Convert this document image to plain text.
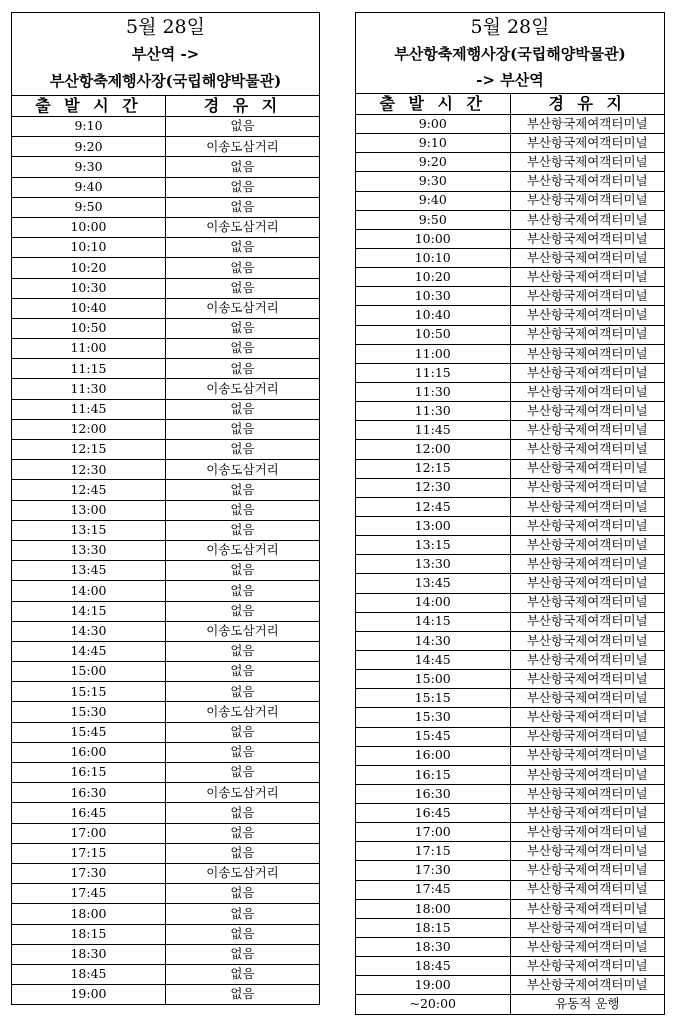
5월 28일	
부산역 ->	
부산항축제행사장(국립해양박물관)	
출 발 시 간	경 유 지
9:10	없음
9:20	이송도삼거리
9:30	없음
9:40	없음
9:50	없음
10:00	이송도삼거리
10:10	없음
10:20	없음
10:30	없음
10:40	이송도삼거리
10:50	없음
11:00	없음
11:15	없음
11:30	이송도삼거리
11:45	없음
12:00	없음
12:15	없음
12:30	이송도삼거리
12:45	없음
13:00	없음
13:15	없음
13:30	이송도삼거리
13:45	없음
14:00	없음
14:15	없음
14:30	이송도삼거리
14:45	없음
15:00	없음
15:15	없음
15:30	이송도삼거리
15:45	없음
16:00	없음
16:15	없음
16:30	이송도삼거리
16:45	없음
17:00	없음
17:15	없음
17:30	이송도삼거리
17:45	없음
18:00	없음
18:15	없음
18:30	없음
18:45	없음
19:00	없음
5월 28일	
부산항축제행사장(국립해양박물관)	
-> 부산역	
출 발 시 간	경 유 지
9:00	부산항국제여객터미널
9:10	부산항국제여객터미널
9:20	부산항국제여객터미널
9:30	부산항국제여객터미널
9:40	부산항국제여객터미널
9:50	부산항국제여객터미널
10:00	부산항국제여객터미널
10:10	부산항국제여객터미널
10:20	부산항국제여객터미널
10:30	부산항국제여객터미널
10:40	부산항국제여객터미널
10:50	부산항국제여객터미널
11:00	부산항국제여객터미널
11:15	부산항국제여객터미널
11:30	부산항국제여객터미널
11:30	부산항국제여객터미널
11:45	부산항국제여객터미널
12:00	부산항국제여객터미널
12:15	부산항국제여객터미널
12:30	부산항국제여객터미널
12:45	부산항국제여객터미널
13:00	부산항국제여객터미널
13:15	부산항국제여객터미널
13:30	부산항국제여객터미널
13:45	부산항국제여객터미널
14:00	부산항국제여객터미널
14:15	부산항국제여객터미널
14:30	부산항국제여객터미널
14:45	부산항국제여객터미널
15:00	부산항국제여객터미널
15:15	부산항국제여객터미널
15:30	부산항국제여객터미널
15:45	부산항국제여객터미널
16:00	부산항국제여객터미널
16:15	부산항국제여객터미널
16:30	부산항국제여객터미널
16:45	부산항국제여객터미널
17:00	부산항국제여객터미널
17:15	부산항국제여객터미널
17:30	부산항국제여객터미널
17:45	부산항국제여객터미널
18:00	부산항국제여객터미널
18:15	부산항국제여객터미널
18:30	부산항국제여객터미널
18:45	부산항국제여객터미널
19:00	부산항국제여객터미널
~20:00	유동적 운행
